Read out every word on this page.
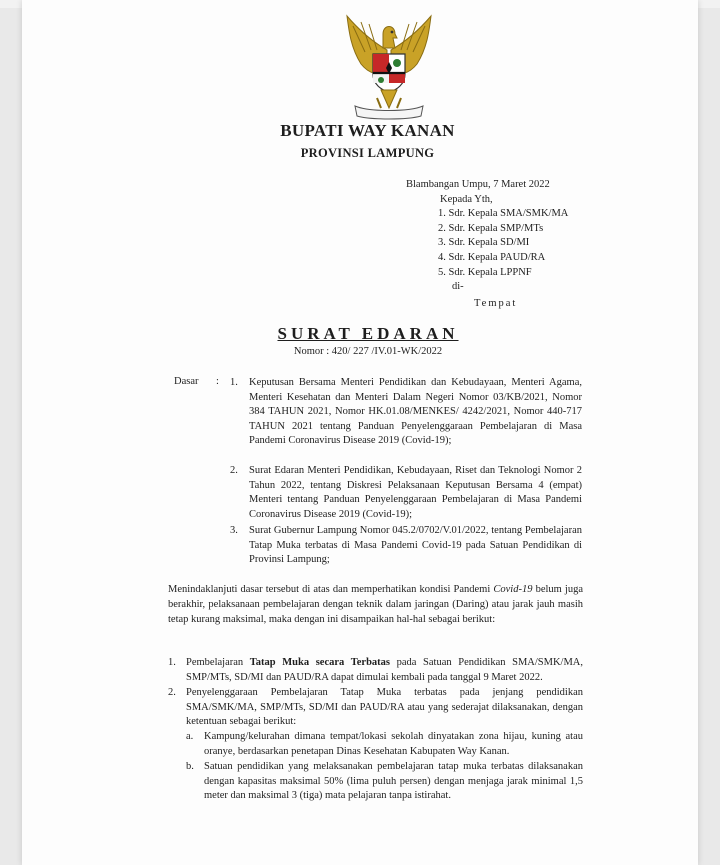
BUPATI WAY KANAN
PROVINSI LAMPUNG
Blambangan Umpu, 7 Maret 2022
Kepada Yth,
1. Sdr. Kepala SMA/SMK/MA
2. Sdr. Kepala SMP/MTs
3. Sdr. Kepala SD/MI
4. Sdr. Kepala PAUD/RA
5. Sdr. Kepala LPPNF
di-
Tempat
SURAT EDARAN
Nomor : 420/ 227 /IV.01-WK/2022
Dasar : 1. Keputusan Bersama Menteri Pendidikan dan Kebudayaan, Menteri Agama, Menteri Kesehatan dan Menteri Dalam Negeri Nomor 03/KB/2021, Nomor 384 TAHUN 2021, Nomor HK.01.08/MENKES/ 4242/2021, Nomor 440-717 TAHUN 2021 tentang Panduan Penyelenggaraan Pembelajaran di Masa Pandemi Coronavirus Disease 2019 (Covid-19);
2. Surat Edaran Menteri Pendidikan, Kebudayaan, Riset dan Teknologi Nomor 2 Tahun 2022, tentang Diskresi Pelaksanaan Keputusan Bersama 4 (empat) Menteri tentang Panduan Penyelenggaraan Pembelajaran di Masa Pandemi Coronavirus Disease 2019 (Covid-19);
3. Surat Gubernur Lampung Nomor 045.2/0702/V.01/2022, tentang Pembelajaran Tatap Muka terbatas di Masa Pandemi Covid-19 pada Satuan Pendidikan di Provinsi Lampung;
Menindaklanjuti dasar tersebut di atas dan memperhatikan kondisi Pandemi Covid-19 belum juga berakhir, pelaksanaan pembelajaran dengan teknik dalam jaringan (Daring) atau jarak jauh masih tetap kurang maksimal, maka dengan ini disampaikan hal-hal sebagai berikut:
1. Pembelajaran Tatap Muka secara Terbatas pada Satuan Pendidikan SMA/SMK/MA, SMP/MTs, SD/MI dan PAUD/RA dapat dimulai kembali pada tanggal 9 Maret 2022.
2. Penyelenggaraan Pembelajaran Tatap Muka terbatas pada jenjang pendidikan SMA/SMK/MA, SMP/MTs, SD/MI dan PAUD/RA atau yang sederajat dilaksanakan, dengan ketentuan sebagai berikut:
a. Kampung/kelurahan dimana tempat/lokasi sekolah dinyatakan zona hijau, kuning atau oranye, berdasarkan penetapan Dinas Kesehatan Kabupaten Way Kanan.
b. Satuan pendidikan yang melaksanakan pembelajaran tatap muka terbatas dilaksanakan dengan kapasitas maksimal 50% (lima puluh persen) dengan menjaga jarak minimal 1,5 meter dan maksimal 3 (tiga) mata pelajaran tanpa istirahat.
